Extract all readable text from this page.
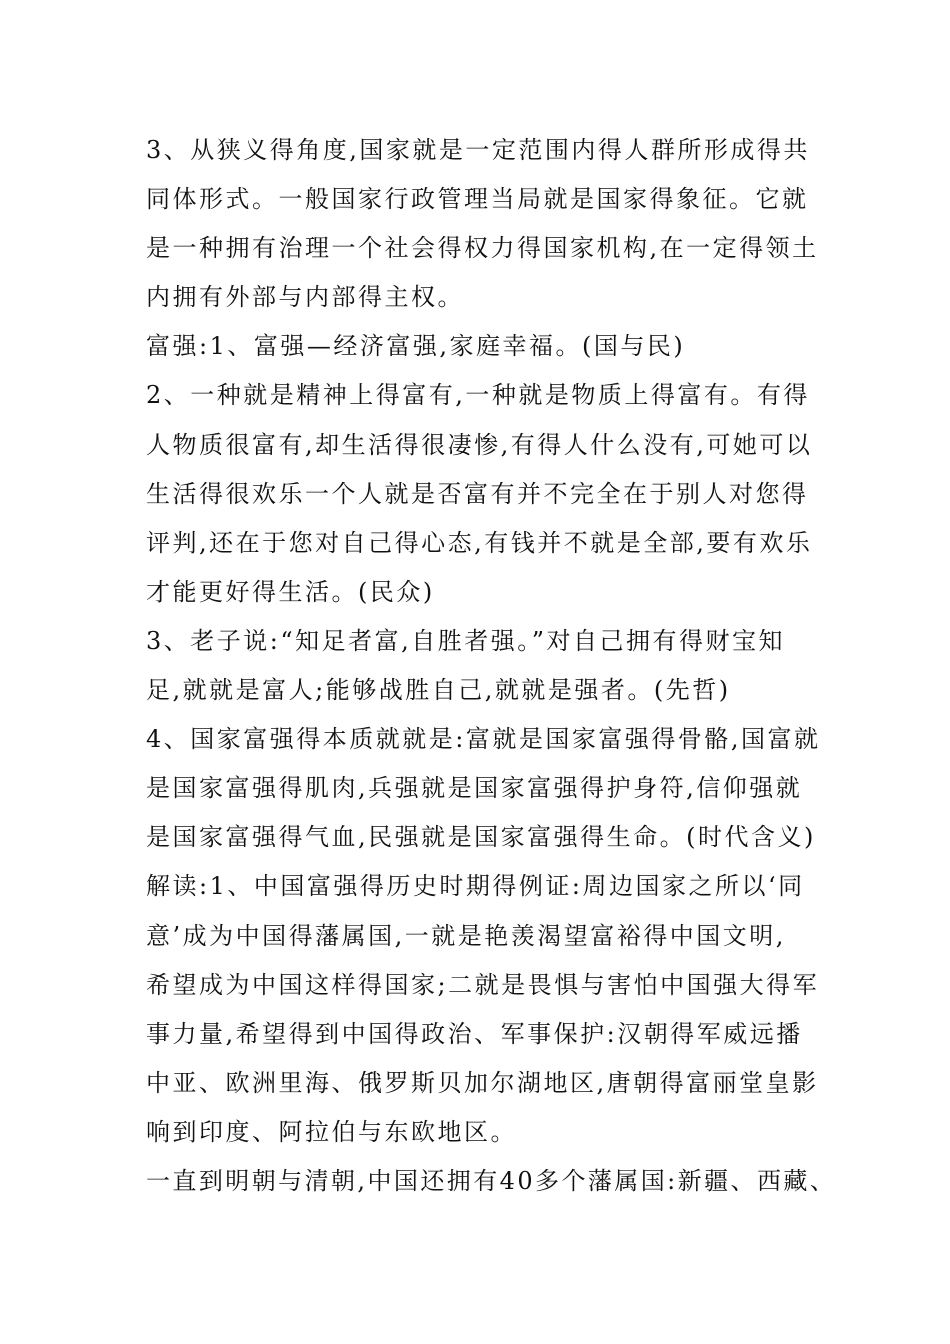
3、从狭义得角度,国家就是一定范围内得人群所形成得共
同体形式。一般国家行政管理当局就是国家得象征。它就
是一种拥有治理一个社会得权力得国家机构,在一定得领土
内拥有外部与内部得主权。
富强:1、富强—经济富强,家庭幸福。(国与民)
2、一种就是精神上得富有,一种就是物质上得富有。有得
人物质很富有,却生活得很凄惨,有得人什么没有,可她可以
生活得很欢乐一个人就是否富有并不完全在于别人对您得
评判,还在于您对自己得心态,有钱并不就是全部,要有欢乐
才能更好得生活。(民众)
3、老子说:“知足者富,自胜者强。”对自己拥有得财宝知
足,就就是富人;能够战胜自己,就就是强者。(先哲)
4、国家富强得本质就就是:富就是国家富强得骨骼,国富就
是国家富强得肌肉,兵强就是国家富强得护身符,信仰强就
是国家富强得气血,民强就是国家富强得生命。(时代含义)
解读:1、中国富强得历史时期得例证:周边国家之所以‘同
意’成为中国得藩属国,一就是艳羡渴望富裕得中国文明,
希望成为中国这样得国家;二就是畏惧与害怕中国强大得军
事力量,希望得到中国得政治、军事保护:汉朝得军威远播
中亚、欧洲里海、俄罗斯贝加尔湖地区,唐朝得富丽堂皇影
响到印度、阿拉伯与东欧地区。
一直到明朝与清朝,中国还拥有40多个藩属国:新疆、西藏、
